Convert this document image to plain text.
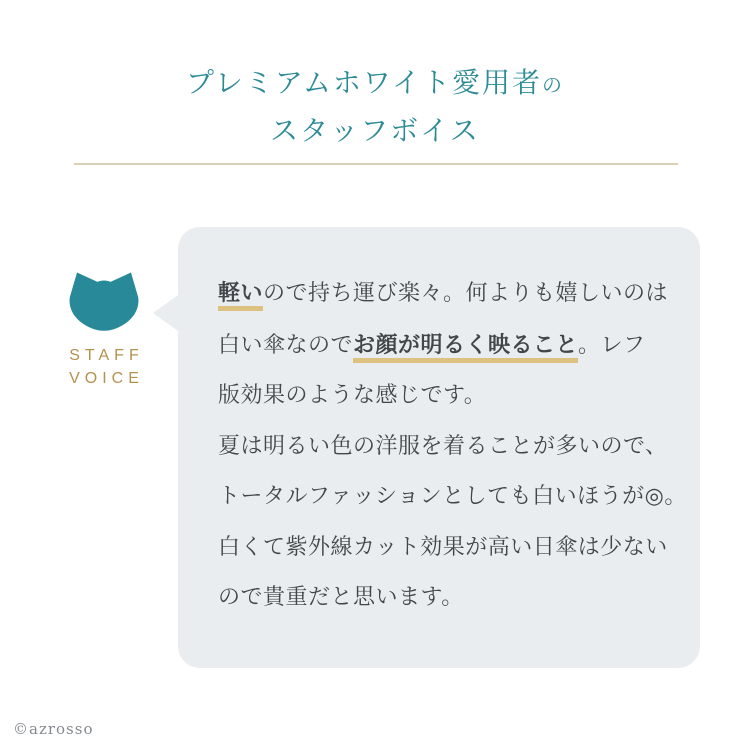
プレミアムホワイト愛用者の
スタッフボイス
STAFF
VOICE

軽いので持ち運び楽々。何よりも嬉しいのは

白い傘なのでお顔が明るく映ること。レフ

版効果のような感じです。

夏は明るい色の洋服を着ることが多いので、

トータルファッションとしても白いほうが◎。

白くて紫外線カット効果が高い日傘は少ない

ので貴重だと思います。

©azrosso
